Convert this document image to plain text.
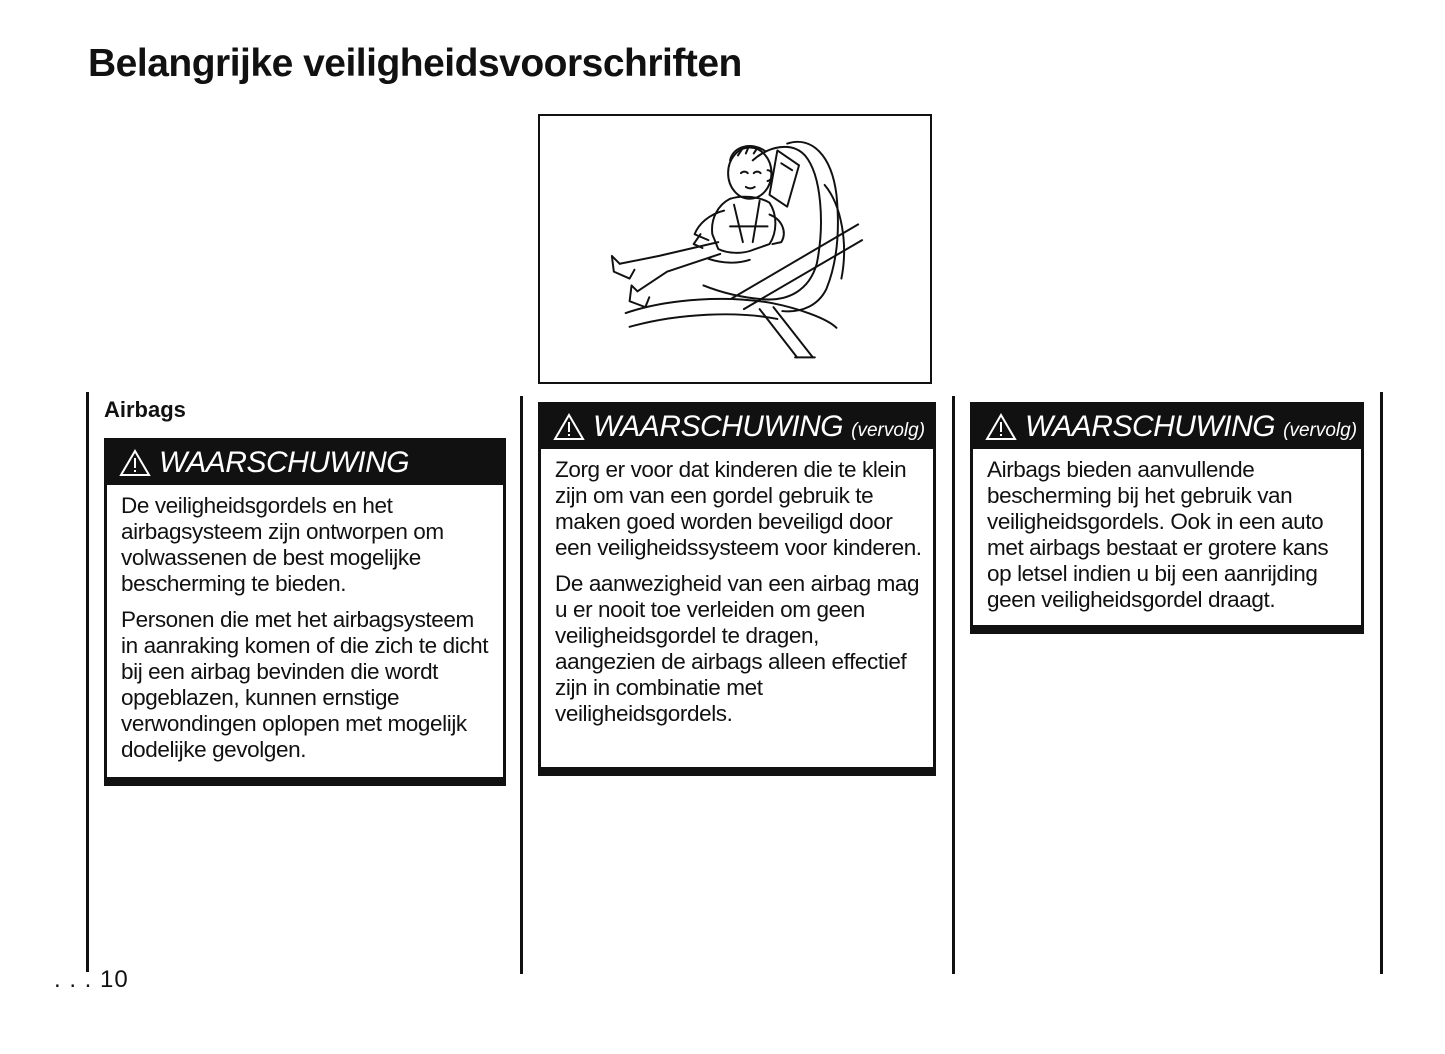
Belangrijke veiligheidsvoorschriften
Airbags
WAARSCHUWING

De veiligheidsgordels en het airbagsysteem zijn ontworpen om volwassenen de best mogelijke bescherming te bieden.

Personen die met het airbagsysteem in aanraking komen of die zich te dicht bij een airbag bevinden die wordt opgeblazen, kunnen ernstige verwondingen oplopen met mogelijk dodelijke gevolgen.

WAARSCHUWING (vervolg)

Zorg er voor dat kinderen die te klein zijn om van een gordel gebruik te maken goed worden beveiligd door een veiligheidssysteem voor kinderen.

De aanwezigheid van een airbag mag u er nooit toe verleiden om geen veiligheidsgordel te dragen, aangezien de airbags alleen effectief zijn in combinatie met veiligheidsgordels.

WAARSCHUWING (vervolg)

Airbags bieden aanvullende bescherming bij het gebruik van veiligheidsgordels. Ook in een auto met airbags bestaat er grotere kans op letsel indien u bij een aanrijding geen veiligheidsgordel draagt.

. . . 10
